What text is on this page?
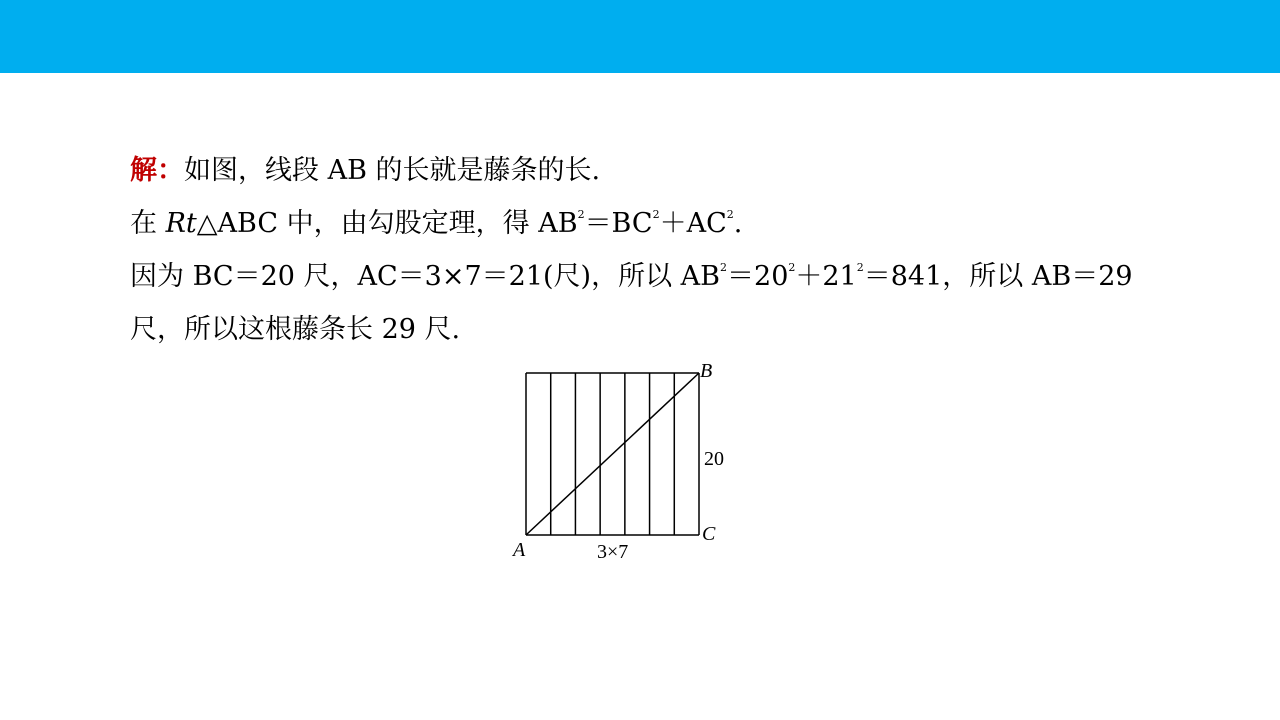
解：如图，线段 AB 的长就是藤条的长.
在 Rt△ABC 中，由勾股定理，得 $AB^2=BC^2+AC^2$.
因为 BC＝20 尺，AC＝3×7＝21(尺)，所以 $AB^2=20^2+21^2=841$，所以 AB＝29
尺，所以这根藤条长 29 尺.
B
20
C
A	3×7
